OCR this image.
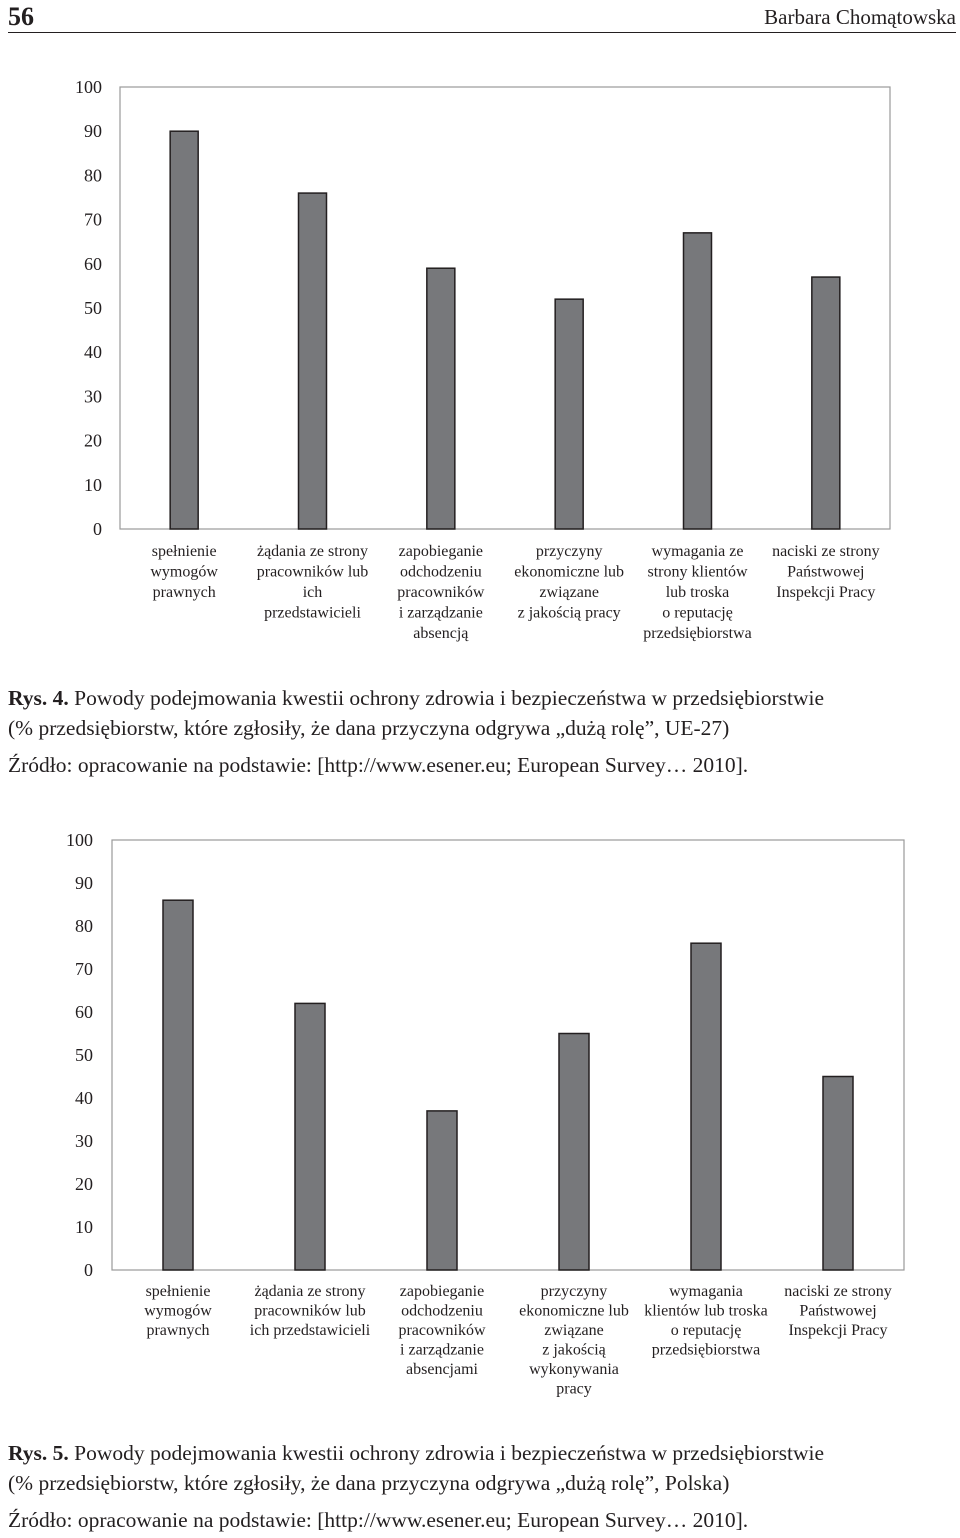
56	Barbara Chomątowska
0
10
20
30
40
50
60
70
80
90
100
spełnienie wymogów prawnych
żądania ze strony pracowników lub ich przedstawicieli
zapobieganie odchodzeniu pracowników i zarządzanie absencją
przyczyny ekonomiczne lub związane z jakością pracy
wymagania ze strony klientów lub troska o reputację przedsiębiorstwa
naciski ze strony Państwowej Inspekcji Pracy
Rys. 4. Powody podejmowania kwestii ochrony zdrowia i bezpieczeństwa w przedsiębiorstwie
(% przedsiębiorstw, które zgłosiły, że dana przyczyna odgrywa „dużą rolę”, UE-27)
Źródło: opracowanie na podstawie: [http://www.esener.eu; European Survey… 2010].
0
10
20
30
40
50
60
70
80
90
100
spełnienie wymogów prawnych
żądania ze strony pracowników lub ich przedstawicieli
zapobieganie odchodzeniu pracowników i zarządzanie absencjami
przyczyny ekonomiczne lub związane z jakością wykonywania pracy
wymagania klientów lub troska o reputację przedsiębiorstwa
naciski ze strony Państwowej Inspekcji Pracy
Rys. 5. Powody podejmowania kwestii ochrony zdrowia i bezpieczeństwa w przedsiębiorstwie
(% przedsiębiorstw, które zgłosiły, że dana przyczyna odgrywa „dużą rolę”, Polska)
Źródło: opracowanie na podstawie: [http://www.esener.eu; European Survey… 2010].
